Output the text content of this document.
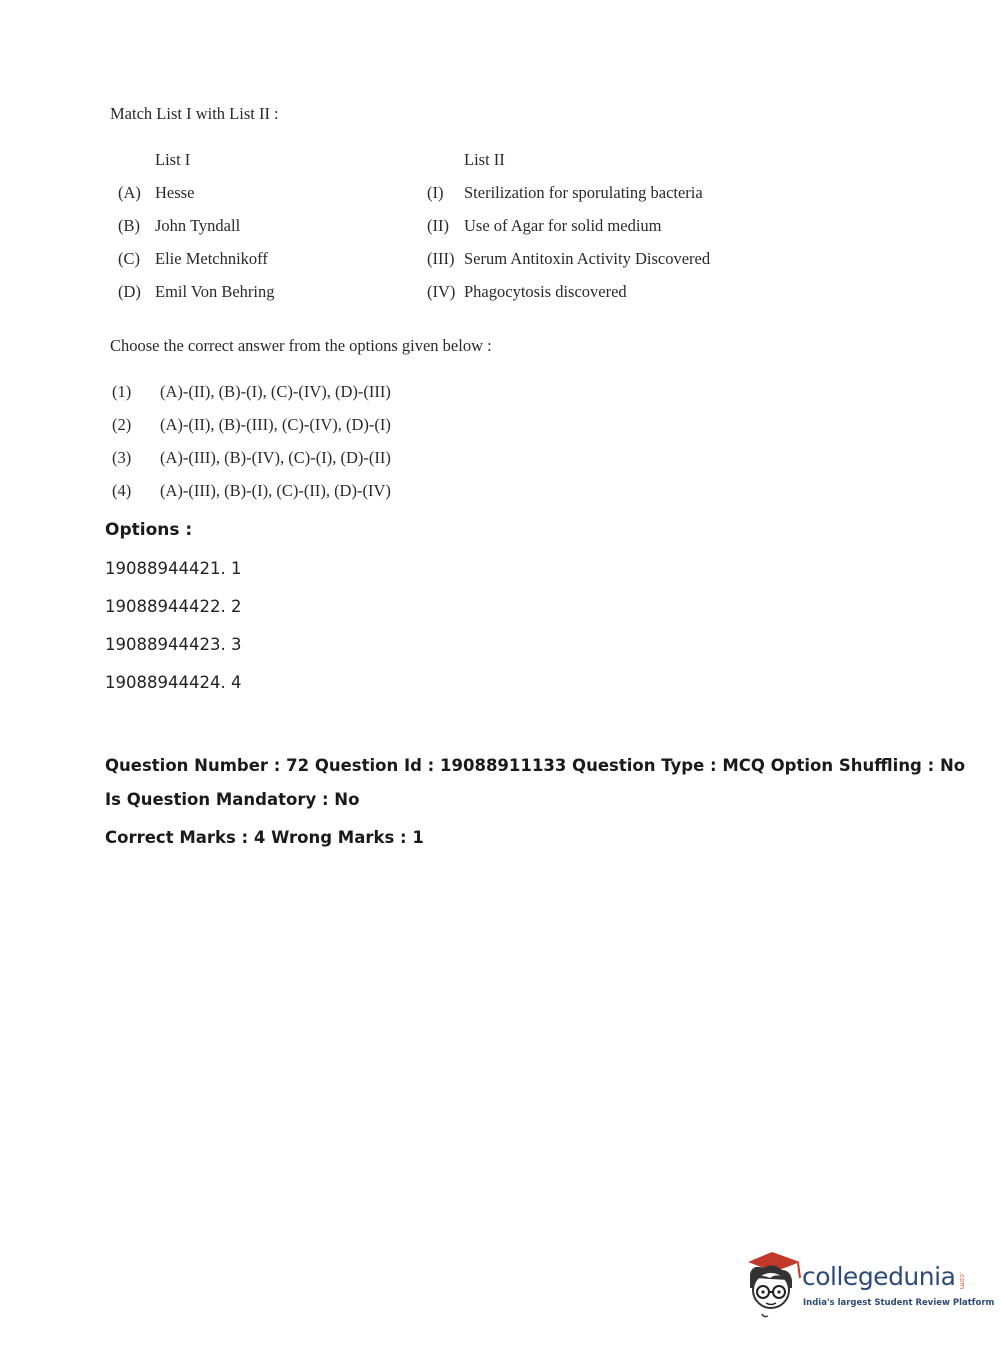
Match List I with List II :
List I	List II
(A) Hesse	(I) Sterilization for sporulating bacteria
(B) John Tyndall	(II) Use of Agar for solid medium
(C) Elie Metchnikoff	(III) Serum Antitoxin Activity Discovered
(D) Emil Von Behring	(IV) Phagocytosis discovered
Choose the correct answer from the options given below :
(1) (A)-(II), (B)-(I), (C)-(IV), (D)-(III)
(2) (A)-(II), (B)-(III), (C)-(IV), (D)-(I)
(3) (A)-(III), (B)-(IV), (C)-(I), (D)-(II)
(4) (A)-(III), (B)-(I), (C)-(II), (D)-(IV)
Options :
19088944421. 1
19088944422. 2
19088944423. 3
19088944424. 4
Question Number : 72 Question Id : 19088911133 Question Type : MCQ Option Shuffling : No
Is Question Mandatory : No
Correct Marks : 4 Wrong Marks : 1
collegedunia .com
India's largest Student Review Platform
